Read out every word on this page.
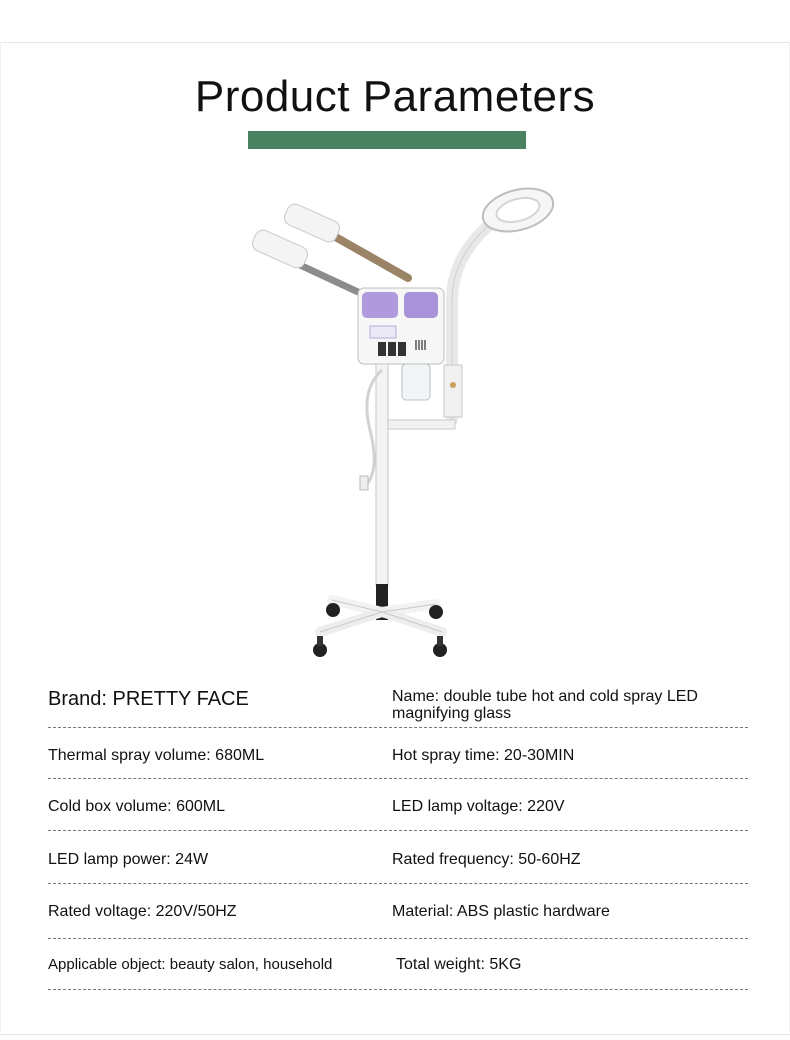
Product Parameters
Brand: PRETTY FACE	Name: double tube hot and cold spray LED magnifying glass
Thermal spray volume: 680ML	Hot spray time: 20-30MIN
Cold box volume: 600ML	LED lamp voltage: 220V
LED lamp power: 24W	Rated frequency: 50-60HZ
Rated voltage: 220V/50HZ	Material: ABS plastic hardware
Applicable object: beauty salon, household	Total weight: 5KG
